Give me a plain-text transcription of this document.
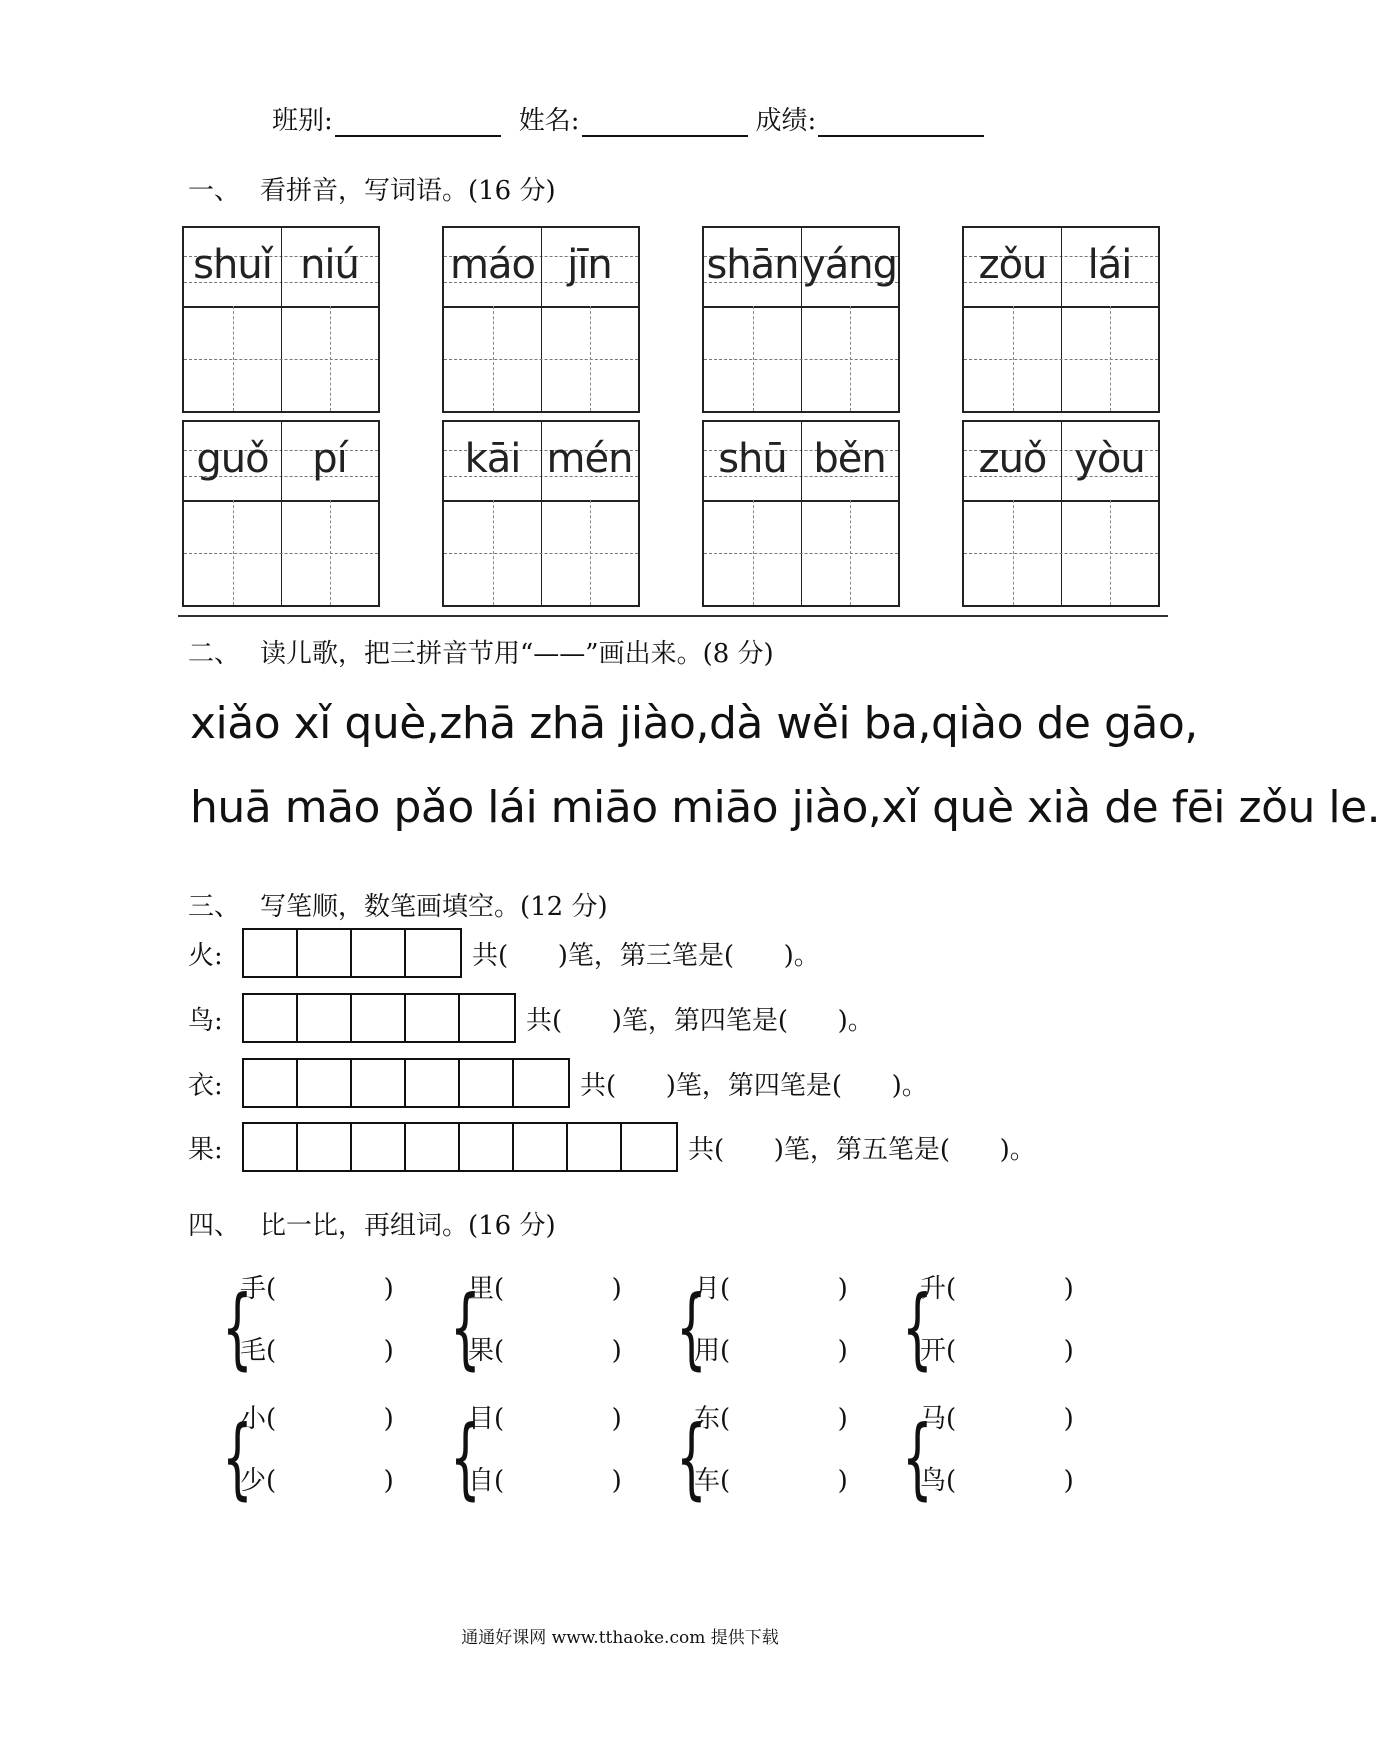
班别:	姓名:	成绩:
一、 看拼音，写词语。(16 分)
shuǐ niú	máo jīn	shān yáng	zǒu	lái
guǒ	pí	kāi mén	shū běn	zuǒ yòu
二、 读儿歌，把三拼音节用“——”画出来。(8 分)
xiǎo xǐ què,zhā zhā jiào,dà wěi ba,qiào de gāo,
huā māo pǎo lái miāo miāo jiào,xǐ què xià de fēi zǒu le.
三、 写笔顺，数笔画填空。(12 分)
火:	共(      )笔，第三笔是(      )。
鸟:	共(      )笔，第四笔是(      )。
衣:	共(      )笔，第四笔是(      )。
果:	共(      )笔，第五笔是(      )。
四、 比一比，再组词。(16 分)
{
手(             )
毛(             ) {
里(             )
果(             ) {
月(             )
用(             ) {
升(             )
开(             )
{
小(             )
少(             ) {
目(             )
自(             ) {
东(             )
车(             ) {
马(             )
鸟(             )
通通好课网 www.tthaoke.com 提供下载
